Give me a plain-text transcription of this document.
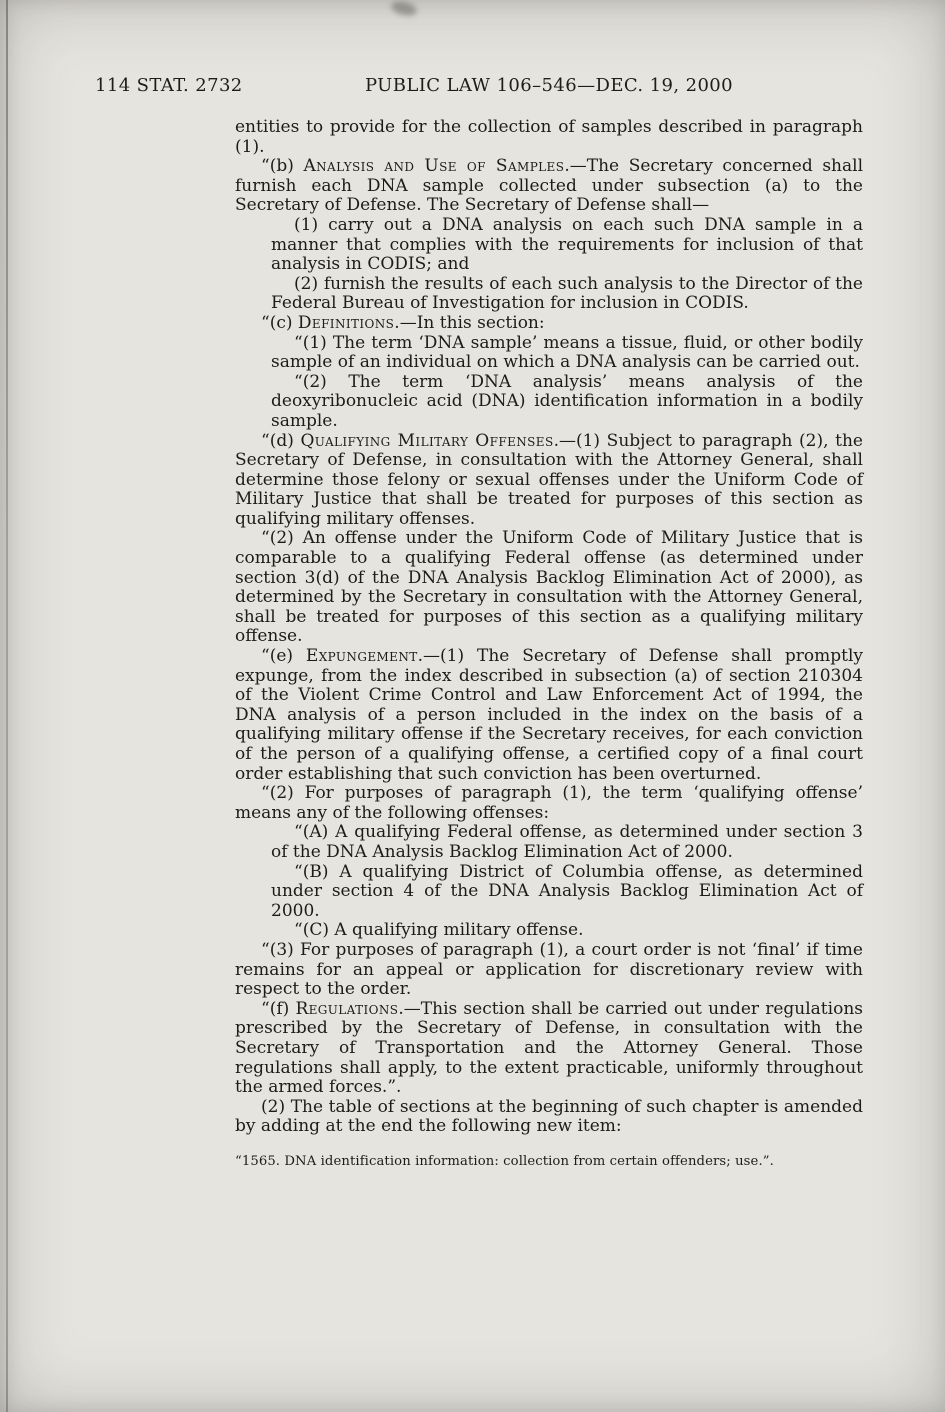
114 STAT. 2732	PUBLIC LAW 106–546—DEC. 19, 2000

entities to provide for the collection of samples described in paragraph (1).

“(b) Analysis and Use of Samples.—The Secretary concerned shall furnish each DNA sample collected under subsection (a) to the Secretary of Defense. The Secretary of Defense shall—

(1) carry out a DNA analysis on each such DNA sample in a manner that complies with the requirements for inclusion of that analysis in CODIS; and

(2) furnish the results of each such analysis to the Director of the Federal Bureau of Investigation for inclusion in CODIS.

“(c) Definitions.—In this section:

“(1) The term ‘DNA sample’ means a tissue, fluid, or other bodily sample of an individual on which a DNA analysis can be carried out.

“(2) The term ‘DNA analysis’ means analysis of the deoxyribonucleic acid (DNA) identification information in a bodily sample.

“(d) Qualifying Military Offenses.—(1) Subject to paragraph (2), the Secretary of Defense, in consultation with the Attorney General, shall determine those felony or sexual offenses under the Uniform Code of Military Justice that shall be treated for purposes of this section as qualifying military offenses.

“(2) An offense under the Uniform Code of Military Justice that is comparable to a qualifying Federal offense (as determined under section 3(d) of the DNA Analysis Backlog Elimination Act of 2000), as determined by the Secretary in consultation with the Attorney General, shall be treated for purposes of this section as a qualifying military offense.

“(e) Expungement.—(1) The Secretary of Defense shall promptly expunge, from the index described in subsection (a) of section 210304 of the Violent Crime Control and Law Enforcement Act of 1994, the DNA analysis of a person included in the index on the basis of a qualifying military offense if the Secretary receives, for each conviction of the person of a qualifying offense, a certified copy of a final court order establishing that such conviction has been overturned.

“(2) For purposes of paragraph (1), the term ‘qualifying offense’ means any of the following offenses:

“(A) A qualifying Federal offense, as determined under section 3 of the DNA Analysis Backlog Elimination Act of 2000.

“(B) A qualifying District of Columbia offense, as determined under section 4 of the DNA Analysis Backlog Elimination Act of 2000.

“(C) A qualifying military offense.

“(3) For purposes of paragraph (1), a court order is not ‘final’ if time remains for an appeal or application for discretionary review with respect to the order.

“(f) Regulations.—This section shall be carried out under regulations prescribed by the Secretary of Defense, in consultation with the Secretary of Transportation and the Attorney General. Those regulations shall apply, to the extent practicable, uniformly throughout the armed forces.”.

(2) The table of sections at the beginning of such chapter is amended by adding at the end the following new item:

“1565. DNA identification information: collection from certain offenders; use.”.
